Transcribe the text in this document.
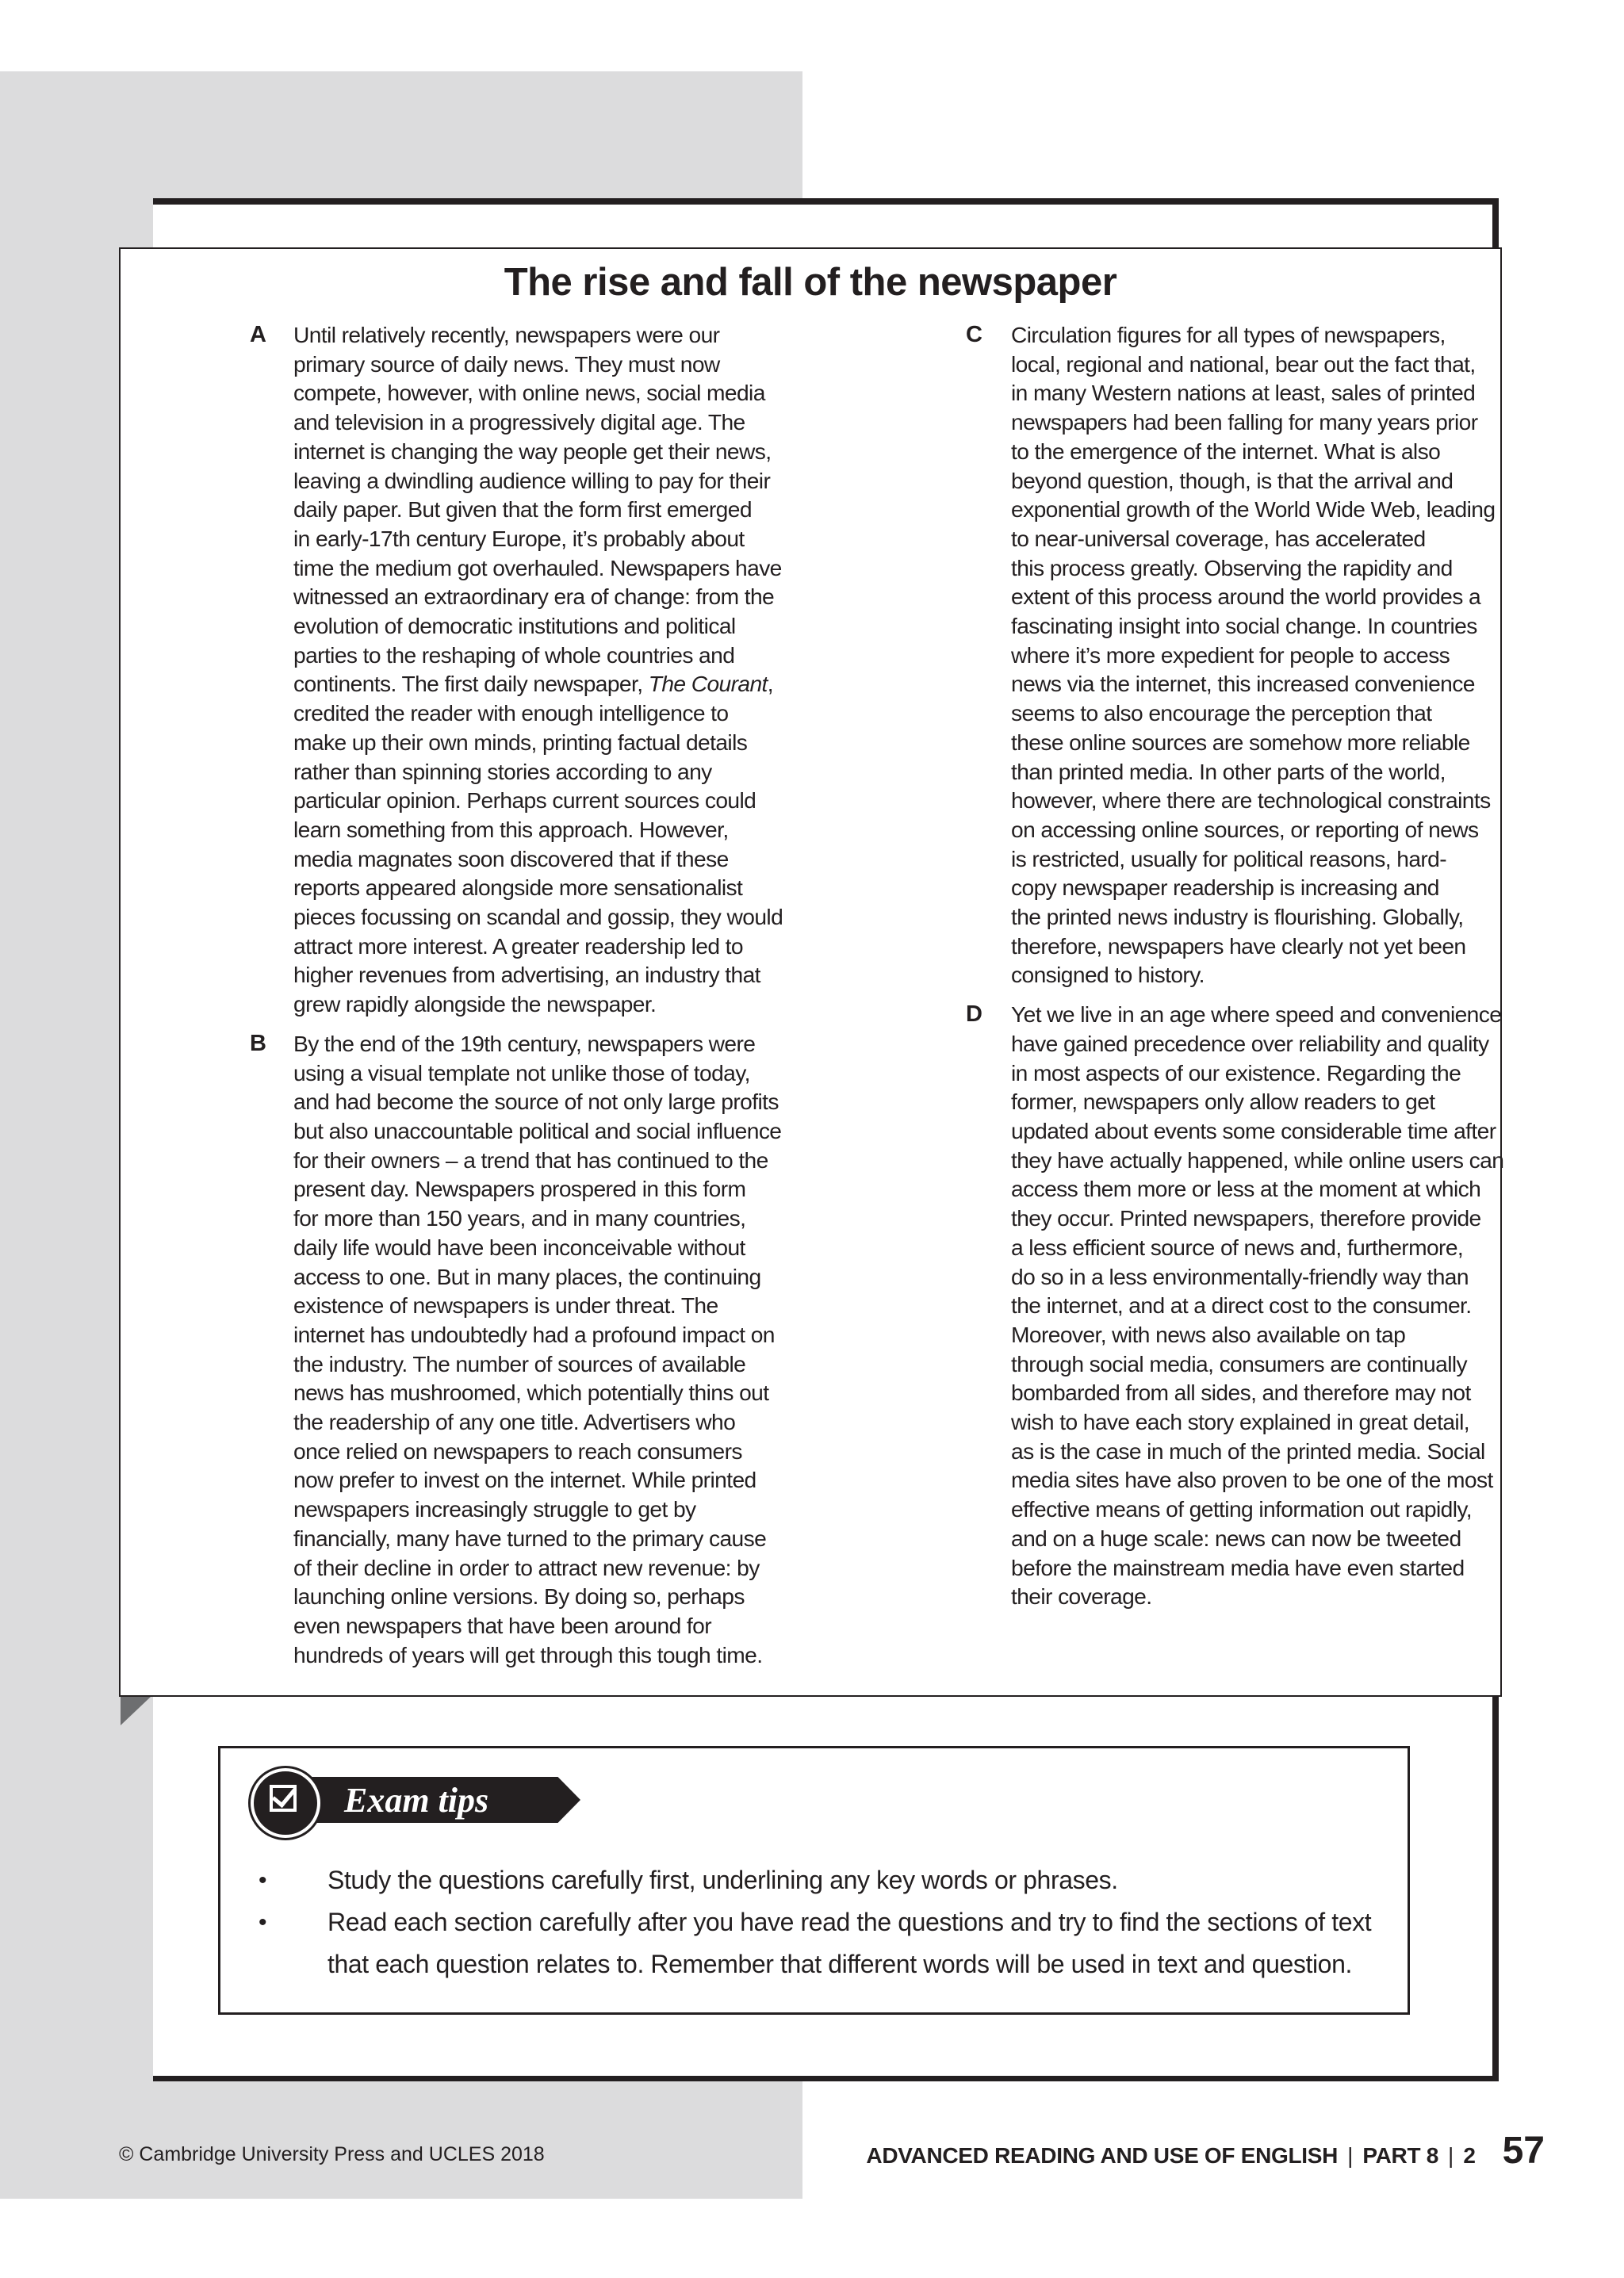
The rise and fall of the newspaper
A Until relatively recently, newspapers were our
primary source of daily news. They must now
compete, however, with online news, social media
and television in a progressively digital age. The
internet is changing the way people get their news,
leaving a dwindling audience willing to pay for their
daily paper. But given that the form first emerged
in early-17th century Europe, it’s probably about
time the medium got overhauled. Newspapers have
witnessed an extraordinary era of change: from the
evolution of democratic institutions and political
parties to the reshaping of whole countries and
continents. The first daily newspaper, The Courant,
credited the reader with enough intelligence to
make up their own minds, printing factual details
rather than spinning stories according to any
particular opinion. Perhaps current sources could
learn something from this approach. However,
media magnates soon discovered that if these
reports appeared alongside more sensationalist
pieces focussing on scandal and gossip, they would
attract more interest. A greater readership led to
higher revenues from advertising, an industry that
grew rapidly alongside the newspaper.
B By the end of the 19th century, newspapers were
using a visual template not unlike those of today,
and had become the source of not only large profits
but also unaccountable political and social influence
for their owners – a trend that has continued to the
present day. Newspapers prospered in this form
for more than 150 years, and in many countries,
daily life would have been inconceivable without
access to one. But in many places, the continuing
existence of newspapers is under threat. The
internet has undoubtedly had a profound impact on
the industry. The number of sources of available
news has mushroomed, which potentially thins out
the readership of any one title. Advertisers who
once relied on newspapers to reach consumers
now prefer to invest on the internet. While printed
newspapers increasingly struggle to get by
financially, many have turned to the primary cause
of their decline in order to attract new revenue: by
launching online versions. By doing so, perhaps
even newspapers that have been around for
hundreds of years will get through this tough time.
C Circulation figures for all types of newspapers,
local, regional and national, bear out the fact that,
in many Western nations at least, sales of printed
newspapers had been falling for many years prior
to the emergence of the internet. What is also
beyond question, though, is that the arrival and
exponential growth of the World Wide Web, leading
to near-universal coverage, has accelerated
this process greatly. Observing the rapidity and
extent of this process around the world provides a
fascinating insight into social change. In countries
where it’s more expedient for people to access
news via the internet, this increased convenience
seems to also encourage the perception that
these online sources are somehow more reliable
than printed media. In other parts of the world,
however, where there are technological constraints
on accessing online sources, or reporting of news
is restricted, usually for political reasons, hard-
copy newspaper readership is increasing and
the printed news industry is flourishing. Globally,
therefore, newspapers have clearly not yet been
consigned to history.
D Yet we live in an age where speed and convenience
have gained precedence over reliability and quality
in most aspects of our existence. Regarding the
former, newspapers only allow readers to get
updated about events some considerable time after
they have actually happened, while online users can
access them more or less at the moment at which
they occur. Printed newspapers, therefore provide
a less efficient source of news and, furthermore,
do so in a less environmentally-friendly way than
the internet, and at a direct cost to the consumer.
Moreover, with news also available on tap
through social media, consumers are continually
bombarded from all sides, and therefore may not
wish to have each story explained in great detail,
as is the case in much of the printed media. Social
media sites have also proven to be one of the most
effective means of getting information out rapidly,
and on a huge scale: news can now be tweeted
before the mainstream media have even started
their coverage.
Exam tips
• Study the questions carefully first, underlining any key words or phrases.
• Read each section carefully after you have read the questions and try to find the sections of text that each question relates to. Remember that different words will be used in text and question.
© Cambridge University Press and UCLES 2018	ADVANCED READING AND USE OF ENGLISH | PART 8 | 2 57
